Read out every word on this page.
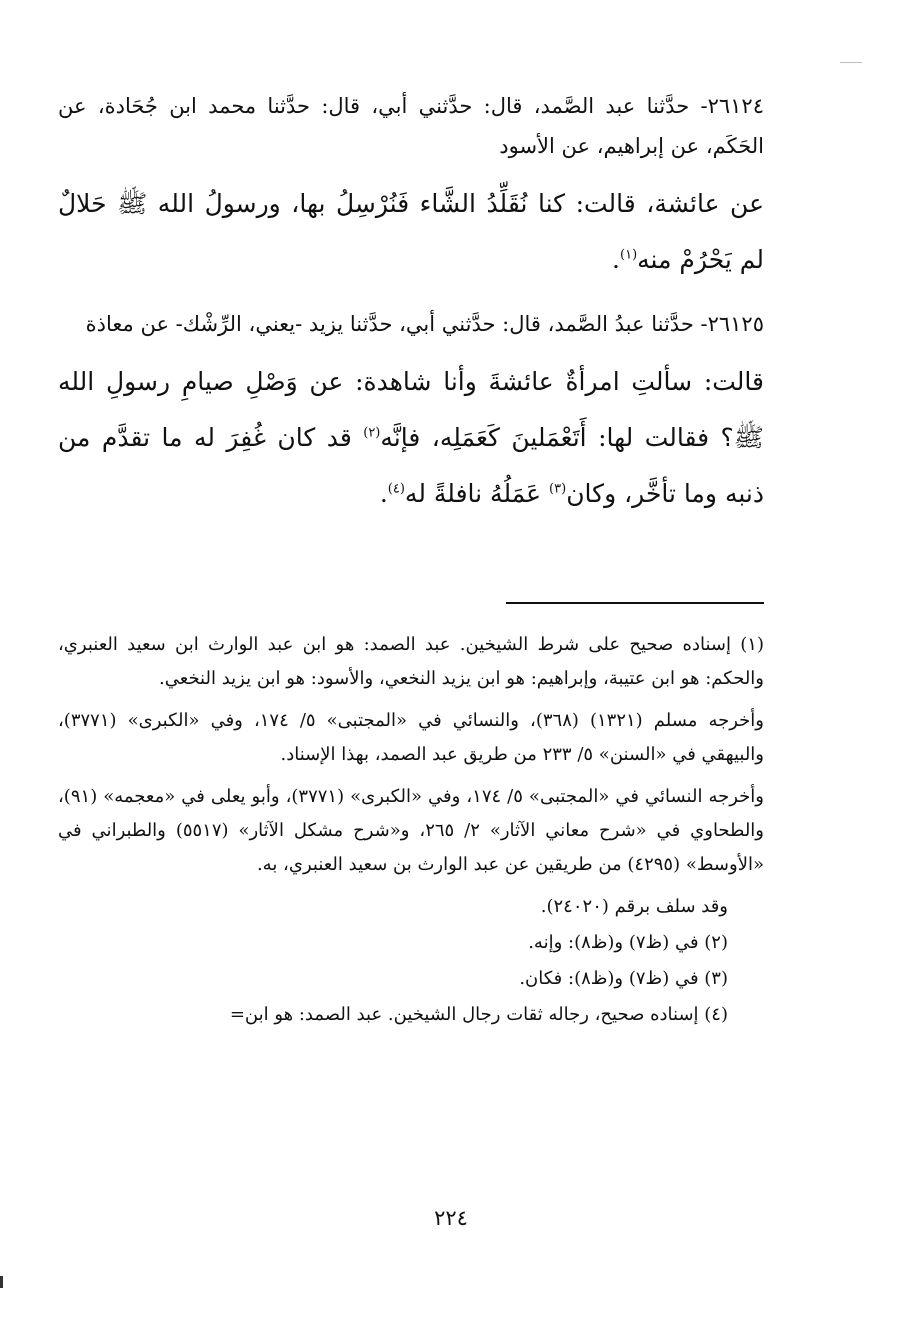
٢٦١٢٤- حدَّثنا عبد الصَّمد، قال: حدَّثني أبي، قال: حدَّثنا محمد ابن جُحَادة، عن الحَكَم، عن إبراهيم، عن الأسود

عن عائشة، قالت: كنا نُقَلِّدُ الشَّاء فَنُرْسِلُ بها، ورسولُ الله ﷺ حَلالٌ لم يَحْرُمْ منه$^{(١)}$.

٢٦١٢٥- حدَّثنا عبدُ الصَّمد، قال: حدَّثني أبي، حدَّثنا يزيد -يعني، الرِّشْك- عن معاذة

قالت: سألتِ امرأةٌ عائشةَ وأنا شاهدة: عن وَصْلِ صيامِ رسولِ الله ﷺ؟ فقالت لها: أَتَعْمَلينَ كَعَمَلِه، فإنَّه$^{(٢)}$ قد كان غُفِرَ له ما تقدَّم من ذنبه وما تأخَّر، وكان$^{(٣)}$ عَمَلُهُ نافلةً له$^{(٤)}$.

(١) إسناده صحيح على شرط الشيخين. عبد الصمد: هو ابن عبد الوارث ابن سعيد العنبري، والحكم: هو ابن عتيبة، وإبراهيم: هو ابن يزيد النخعي، والأسود: هو ابن يزيد النخعي.

وأخرجه مسلم (١٣٢١) (٣٦٨)، والنسائي في «المجتبى» ٥/ ١٧٤، وفي «الكبرى» (٣٧٧١)، والبيهقي في «السنن» ٥/ ٢٣٣ من طريق عبد الصمد، بهذا الإسناد.

وأخرجه النسائي في «المجتبى» ٥/ ١٧٤، وفي «الكبرى» (٣٧٧١)، وأبو يعلى في «معجمه» (٩١)، والطحاوي في «شرح معاني الآثار» ٢/ ٢٦٥، و«شرح مشكل الآثار» (٥٥١٧) والطبراني في «الأوسط» (٤٢٩٥) من طريقين عن عبد الوارث بن سعيد العنبري، به.

وقد سلف برقم (٢٤٠٢٠).

(٢) في (ظ٧) و(ظ٨): وإنه.

(٣) في (ظ٧) و(ظ٨): فكان.

(٤) إسناده صحيح، رجاله ثقات رجال الشيخين. عبد الصمد: هو ابن=

٢٢٤
